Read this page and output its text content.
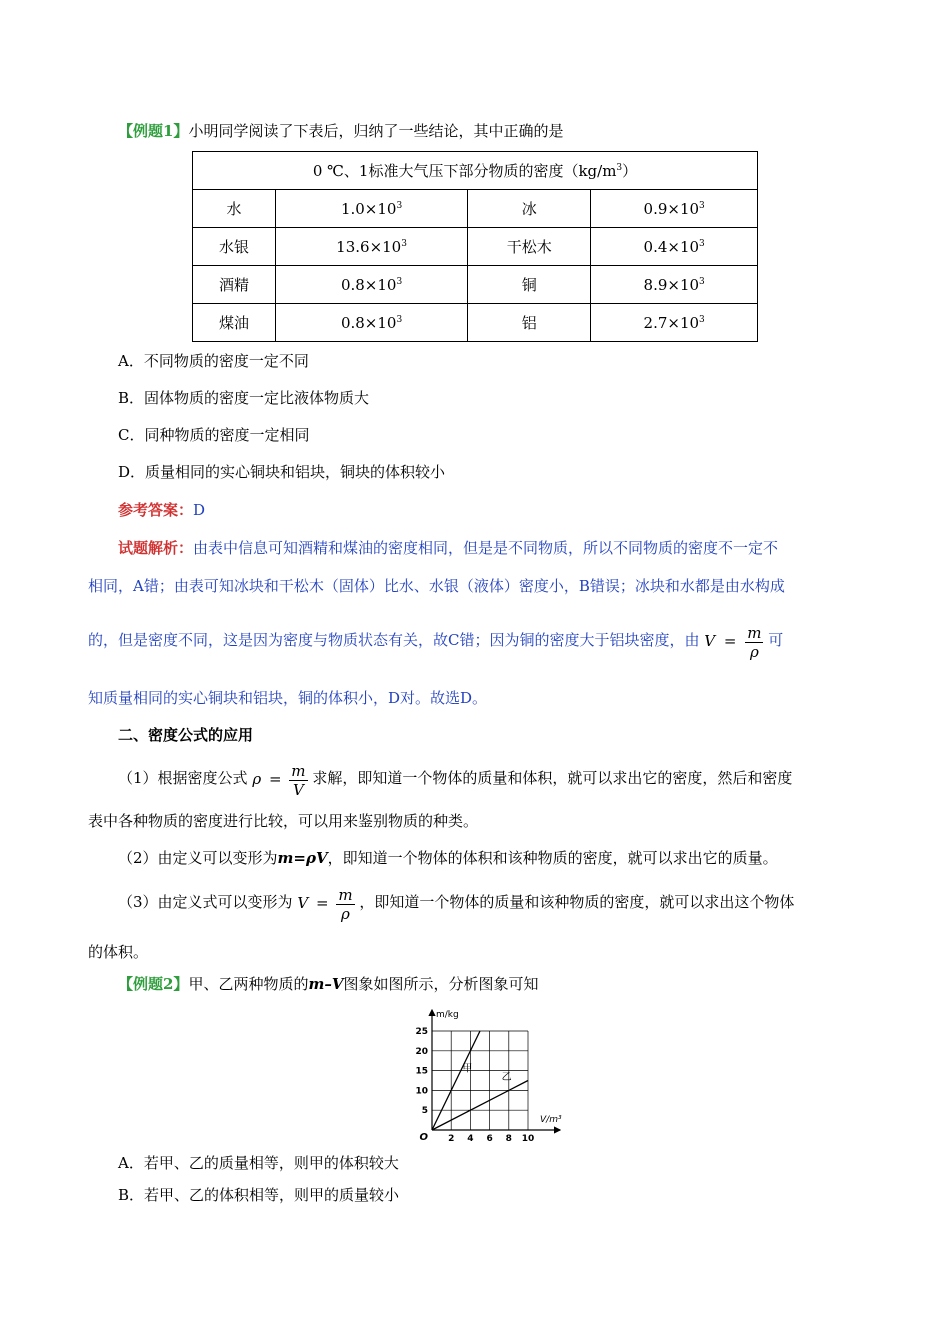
【例题1】小明同学阅读了下表后，归纳了一些结论，其中正确的是
0 ℃、1标准大气压下部分物质的密度$(kg/m^3)$			
水	$1.0\times 10^3$	冰	$0.9\times 10^3$
水银	$13.6\times 10^3$	干松木	$0.4\times 10^3$
酒精	$0.8\times 10^3$	铜	$8.9\times 10^3$
煤油	$0.8\times 10^3$	铝	$2.7\times 10^3$
A．不同物质的密度一定不同
B．固体物质的密度一定比液体物质大
C．同种物质的密度一定相同
D．质量相同的实心铜块和铝块，铜块的体积较小
参考答案：D
试题解析：由表中信息可知酒精和煤油的密度相同，但是是不同物质，所以不同物质的密度不一定不
相同，A错；由表可知冰块和干松木（固体）比水、水银（液体）密度小，B错误；冰块和水都是由水构成
的，但是密度不同，这是因为密度与物质状态有关，故C错；因为铜的密度大于铝块密度，由 $V = \frac{m}{\rho}$ 可
知质量相同的实心铜块和铝块，铜的体积小，D对。故选D。
二、密度公式的应用
（1）根据密度公式 $\rho = \frac{m}{V}$ 求解，即知道一个物体的质量和体积，就可以求出它的密度，然后和密度
表中各种物质的密度进行比较，可以用来鉴别物质的种类。
（2）由定义可以变形为m=ρV，即知道一个物体的体积和该种物质的密度，就可以求出它的质量。
（3）由定义式可以变形为 $V = \frac{m}{\rho}$ ，即知道一个物体的质量和该种物质的密度，就可以求出这个物体
的体积。
【例题2】甲、乙两种物质的m–V图象如图所示，分析图象可知
甲
乙
2 4 6 8 10
5
10
15
20
25
O
m/kg
V/m³
A．若甲、乙的质量相等，则甲的体积较大
B．若甲、乙的体积相等，则甲的质量较小
